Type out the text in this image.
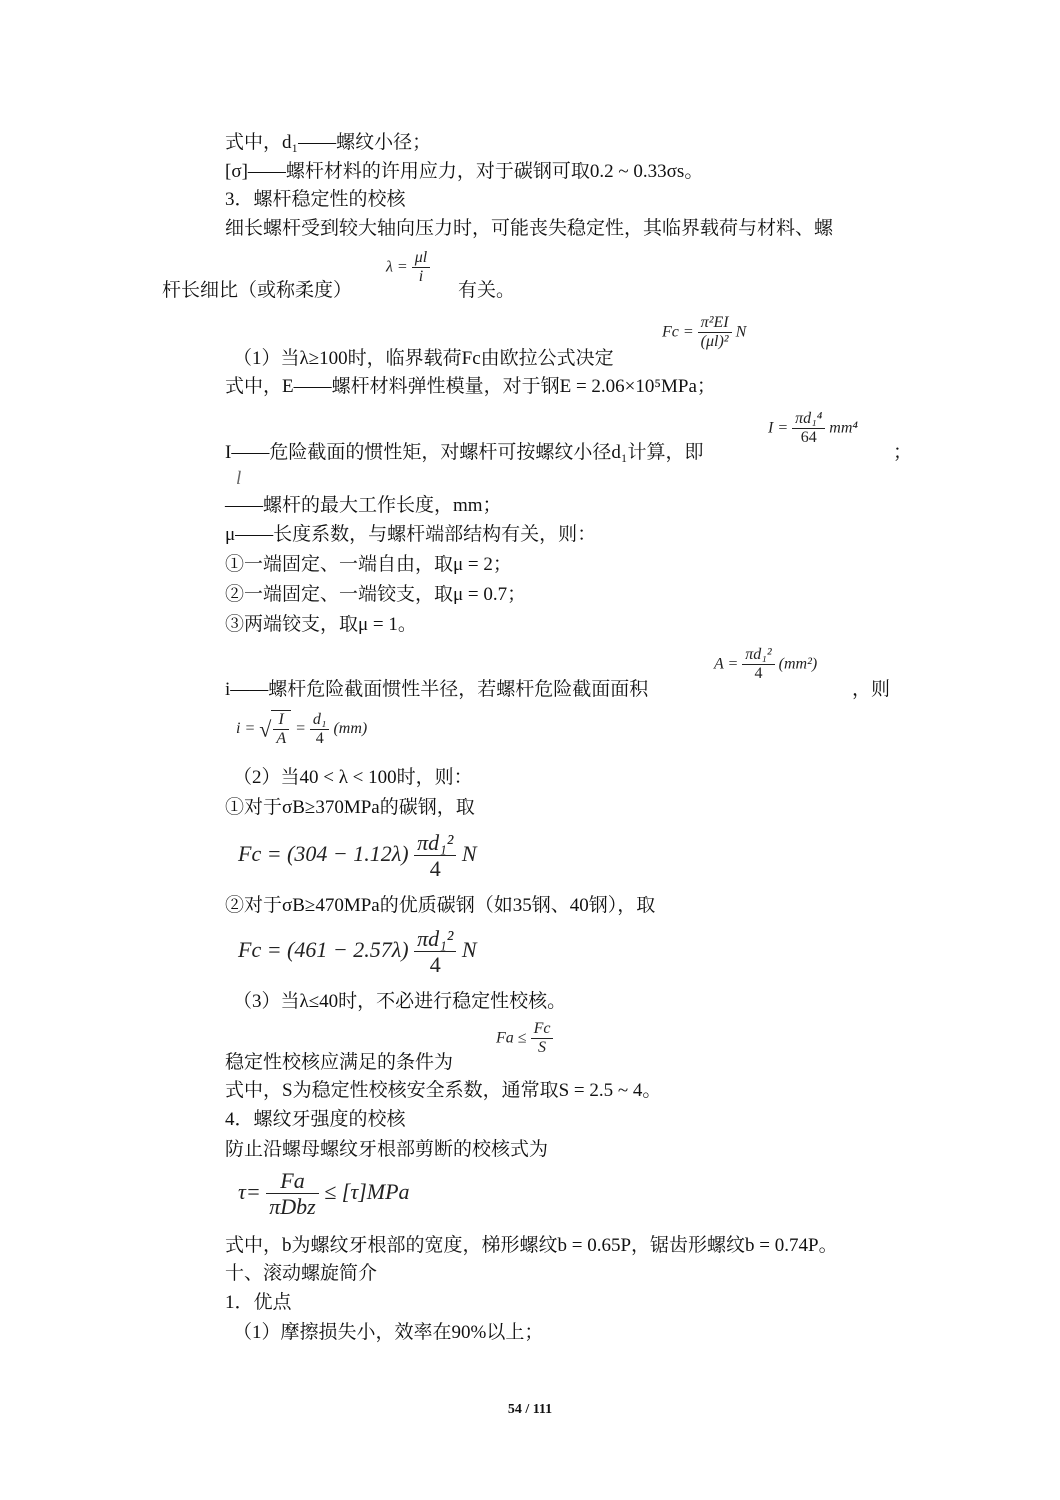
式中，d₁——螺纹小径；
[σ]——螺杆材料的许用应力，对于碳钢可取0.2 ~ 0.33σs。
3．螺杆稳定性的校核
细长螺杆受到较大轴向压力时，可能丧失稳定性，其临界载荷与材料、螺
杆长细比（或称柔度）
$\lambda = \frac{\mu l}{i}$
有关。
$Fc = \frac{\text{π²EI}}{\text{(μl)²}}$ N
（1）当λ≥100时，临界载荷Fc由欧拉公式决定
式中，E——螺杆材料弹性模量，对于钢E = 2.06×10⁵MPa；
I——危险截面的惯性矩，对螺杆可按螺纹小径d₁计算，即
$I = \frac{\text{πd₁⁴}}{64} mm^4$
；
l
——螺杆的最大工作长度，mm；
μ——长度系数，与螺杆端部结构有关，则：
①一端固定、一端自由，取μ = 2；
②一端固定、一端铰支，取μ = 0.7；
③两端铰支，取μ = 1。
$A = \frac{\text{πd₁²}}{4} (mm^2)$
i——螺杆危险截面惯性半径，若螺杆危险截面面积	，则
i = √ $\frac{I}{A} = \frac{\text{d₁}}{4} (mm)$
（2）当40 < λ < 100时，则：
①对于σB≥370MPa的碳钢，取
$Fc = (304 - 1.12\lambda) \frac{\text{πd₁²}}{4}$ N
②对于σB≥470MPa的优质碳钢（如35钢、40钢），取
$Fc = (461 - 2.57\lambda) \frac{\text{πd₁²}}{4}$ N
（3）当λ≤40时，不必进行稳定性校核。
$Fa \le \frac{Fc}{S}$
稳定性校核应满足的条件为
式中，S为稳定性校核安全系数，通常取S = 2.5 ~ 4。
4．螺纹牙强度的校核
防止沿螺母螺纹牙根部剪断的校核式为
$\tau= \frac{Fa}{\text{πDbz}} \le [\tau]MPa$
式中，b为螺纹牙根部的宽度，梯形螺纹b = 0.65P，锯齿形螺纹b = 0.74P。
十、滚动螺旋简介
1．优点
（1）摩擦损失小，效率在90%以上；
54 / 111
